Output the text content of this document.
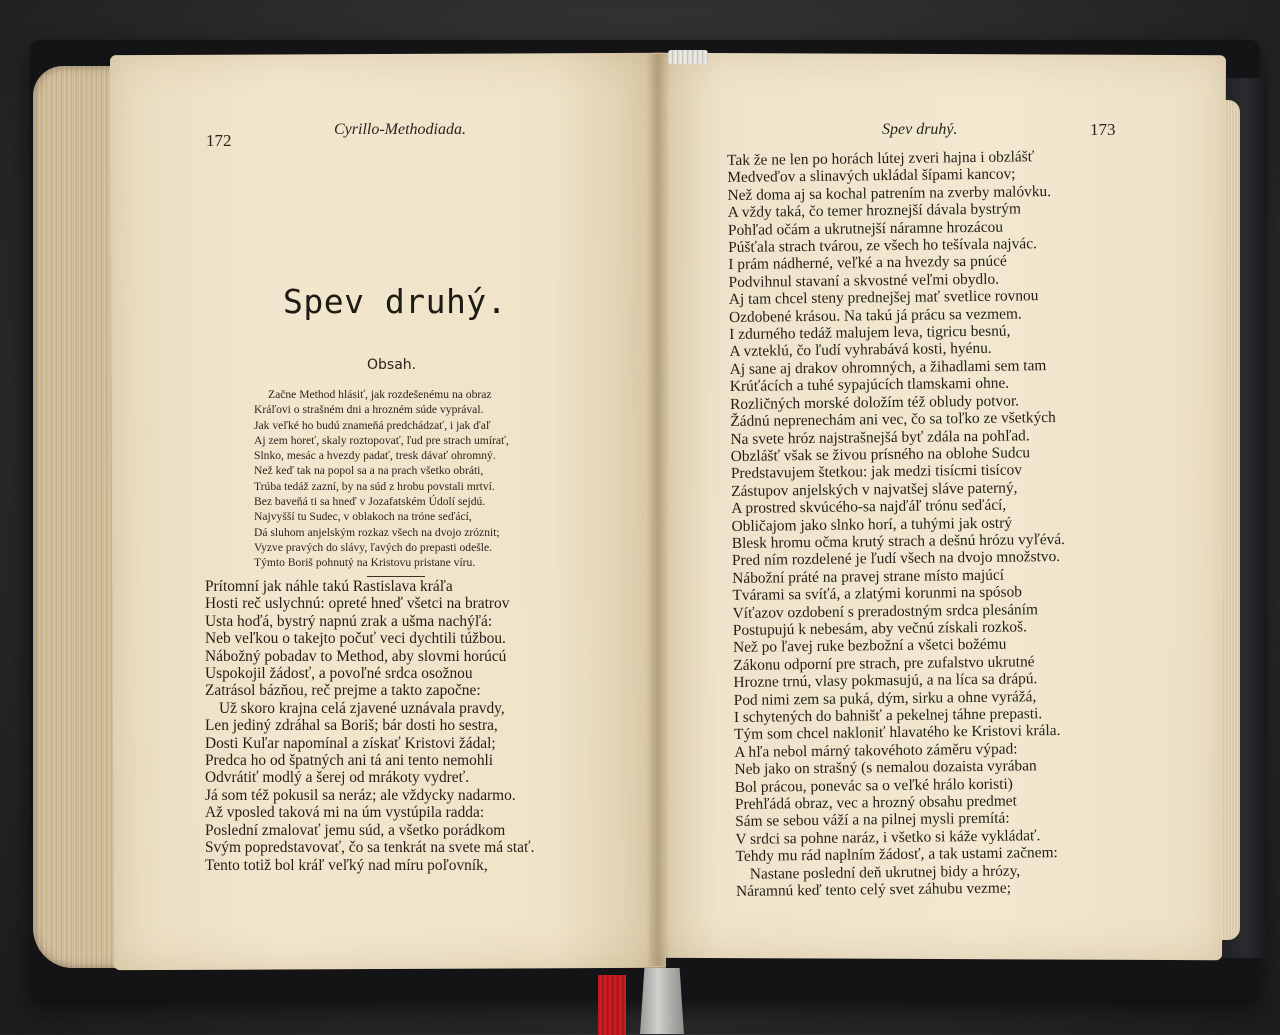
172
Cyrillo-Methodiada.
Spev druhý.
Obsah.
Začne Method hlásiť, jak rozdešenému na obraz
Kráľovi o strašném dni a hrozném súde vyprával.
Jak veľké ho budú znameňá predchádzať, i jak ďaľ
Aj zem horeť, skaly roztopovať, ľud pre strach umírať,
Slnko, mesác a hvezdy padať, tresk dávať ohromný.
Než keď tak na popol sa a na prach všetko obráti,
Trúba tedáž zazní, by na súd z hrobu povstali mrtví.
Bez baveňá ti sa hneď v Jozafatském Údolí sejdú.
Najvyšší tu Sudec, v oblakoch na tróne seďácí,
Dá sluhom anjelským rozkaz všech na dvojo zróznit;
Vyzve pravých do slávy, ľavých do prepasti odešle.
Týmto Boriš pohnutý na Kristovu pristane víru.
Prítomní jak náhle takú Rastislava kráľa
Hosti reč uslychnú: opreté hneď všetci na bratrov
Usta hoďá, bystrý napnú zrak a ušma nachýľá:
Neb veľkou o takejto počuť veci dychtili túžbou.
Nábožný pobadav to Method, aby slovmi horúcú
Uspokojil žádosť, a povoľné srdca osožnou
Zatrásol bázňou, reč prejme a takto započne:
Už skoro krajna celá zjavené uznávala pravdy,
Len jediný zdráhal sa Boriš; bár dosti ho sestra,
Dosti Kuľar napomínal a získať Kristovi žádal;
Predca ho od špatných ani tá ani tento nemohli
Odvrátiť modlý a šerej od mrákoty vydreť.
Já som též pokusil sa neráz; ale vždycky nadarmo.
Až vposled taková mi na úm vystúpila radda:
Poslední zmalovať jemu súd, a všetko porádkom
Svým popredstavovať, čo sa tenkrát na svete má stať.
Tento totiž bol kráľ veľký nad míru poľovník,
Spev druhý.	173
Tak že ne len po horách lútej zveri hajna i obzlášť
Medveďov a slinavých ukládal šípami kancov;
Než doma aj sa kochal patrením na zverby malóvku.
A vždy taká, čo temer hroznejší dávala bystrým
Pohľad očám a ukrutnejší náramne hrozácou
Púšťala strach tvárou, ze všech ho tešívala najvác.
I prám nádherné, veľké a na hvezdy sa pnúcé
Podvihnul stavaní a skvostné veľmi obydlo.
Aj tam chcel steny prednejšej mať svetlice rovnou
Ozdobené krásou. Na takú já prácu sa vezmem.
I zdurného tedáž malujem leva, tigricu besnú,
A vzteklú, čo ľudí vyhrabává kosti, hyénu.
Aj sane aj drakov ohromných, a žihadlami sem tam
Krúťácích a tuhé sypajúcích tlamskami ohne.
Rozličných morské doložím též obludy potvor.
Žádnú neprenechám ani vec, čo sa toľko ze všetkých
Na svete hróz najstrašnejšá byť zdála na pohľad.
Obzlášť však se živou prísného na oblohe Sudcu
Predstavujem štetkou: jak medzi tisícmi tisícov
Zástupov anjelských v najvatšej sláve paterný,
A prostred skvúcého-sa najďáľ trónu seďácí,
Obličajom jako slnko horí, a tuhými jak ostrý
Blesk hromu očma krutý strach a dešnú hrózu vyľévá.
Pred ním rozdelené je ľudí všech na dvojo množstvo.
Nábožní práté na pravej strane místo majúcí
Tvárami sa svíťá, a zlatými korunmi na spósob
Víťazov ozdobení s preradostným srdca plesáním
Postupujú k nebesám, aby večnú získali rozkoš.
Než po ľavej ruke bezbožní a všetci božému
Zákonu odporní pre strach, pre zufalstvo ukrutné
Hrozne trnú, vlasy pokmasujú, a na líca sa drápú.
Pod nimi zem sa puká, dým, sirku a ohne vyrážá,
I schytených do bahnišť a pekelnej táhne prepasti.
Tým som chcel nakloniť hlavatého ke Kristovi krála.
A hľa nebol márný takovéhoto záměru výpad:
Neb jako on strašný (s nemalou dozaista vyrában
Bol prácou, ponevác sa o veľké hrálo koristi)
Prehľádá obraz, vec a hrozný obsahu predmet
Sám se sebou váží a na pilnej mysli premítá:
V srdci sa pohne naráz, i všetko si káže vykládať.
Tehdy mu rád naplním žádosť, a tak ustami začnem:
Nastane poslední deň ukrutnej bidy a hrózy,
Náramnú keď tento celý svet záhubu vezme;
